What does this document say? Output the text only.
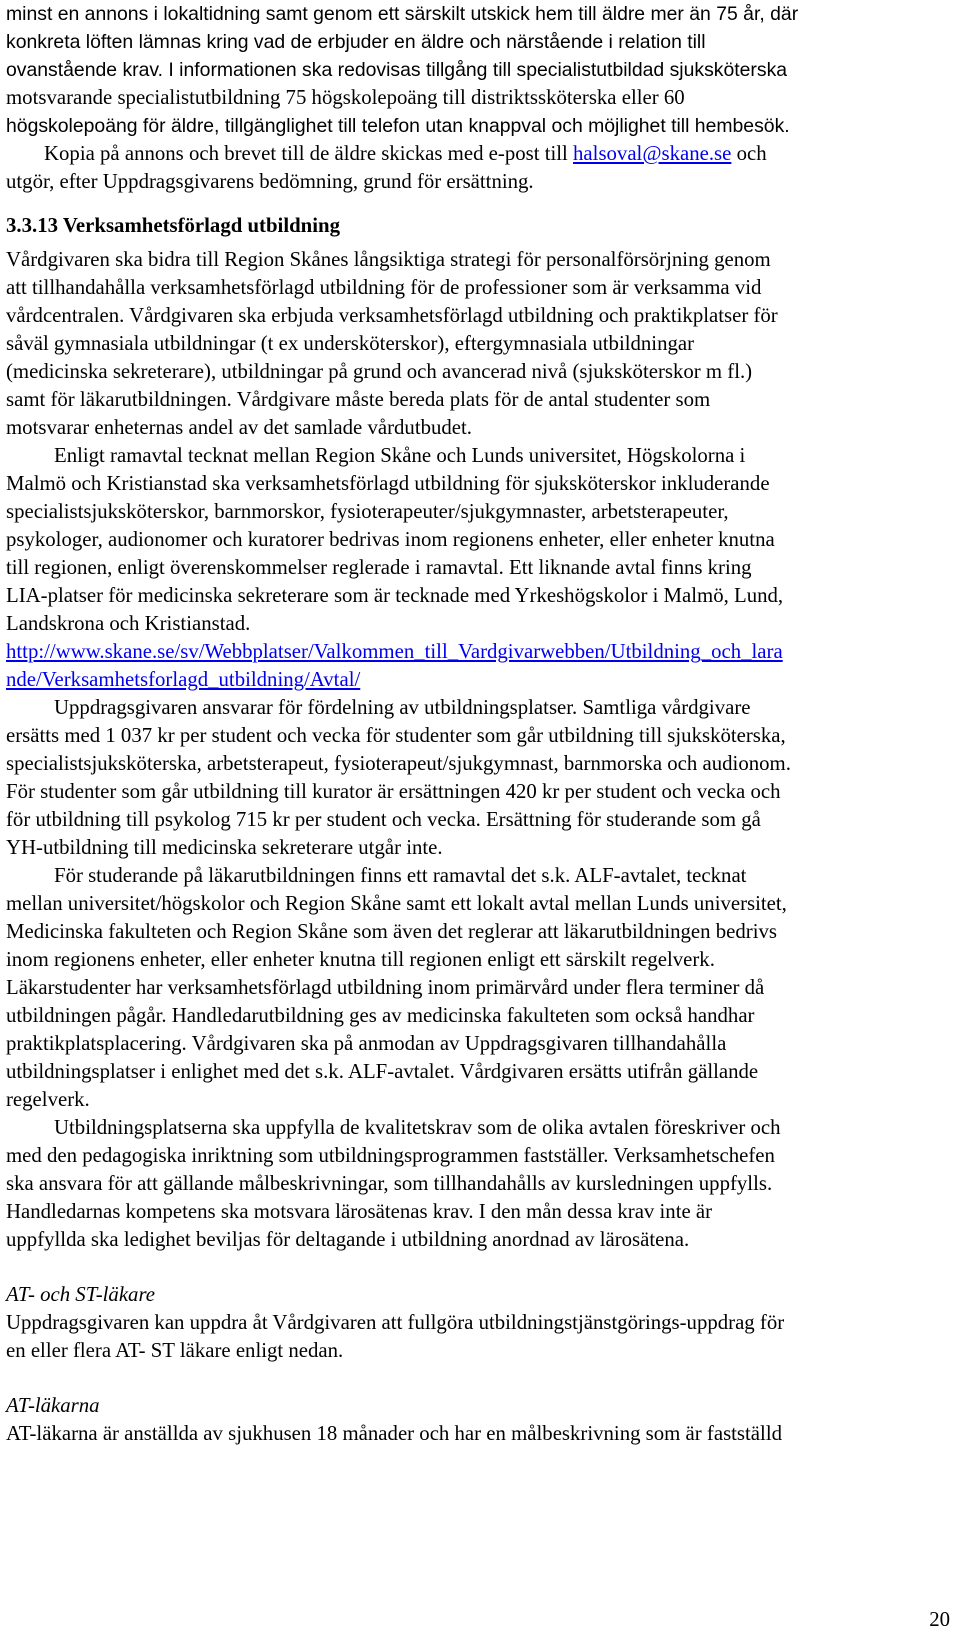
minst en annons i lokaltidning samt genom ett särskilt utskick hem till äldre mer än 75 år, där
konkreta löften lämnas kring vad de erbjuder en äldre och närstående i relation till
ovanstående krav. I informationen ska redovisas tillgång till specialistutbildad sjuksköterska
motsvarande specialistutbildning 75 högskolepoäng till distriktssköterska eller 60
högskolepoäng för äldre, tillgänglighet till telefon utan knappval och möjlighet till hembesök.
Kopia på annons och brevet till de äldre skickas med e-post till halsoval@skane.se och
utgör, efter Uppdragsgivarens bedömning, grund för ersättning.
3.3.13 Verksamhetsförlagd utbildning
Vårdgivaren ska bidra till Region Skånes långsiktiga strategi för personalförsörjning genom
att tillhandahålla verksamhetsförlagd utbildning för de professioner som är verksamma vid
vårdcentralen. Vårdgivaren ska erbjuda verksamhetsförlagd utbildning och praktikplatser för
såväl gymnasiala utbildningar (t ex undersköterskor), eftergymnasiala utbildningar
(medicinska sekreterare), utbildningar på grund och avancerad nivå (sjuksköterskor m fl.)
samt för läkarutbildningen. Vårdgivare måste bereda plats för de antal studenter som
motsvarar enheternas andel av det samlade vårdutbudet.
Enligt ramavtal tecknat mellan Region Skåne och Lunds universitet, Högskolorna i
Malmö och Kristianstad ska verksamhetsförlagd utbildning för sjuksköterskor inkluderande
specialistsjuksköterskor, barnmorskor, fysioterapeuter/sjukgymnaster, arbetsterapeuter,
psykologer, audionomer och kuratorer bedrivas inom regionens enheter, eller enheter knutna
till regionen, enligt överenskommelser reglerade i ramavtal. Ett liknande avtal finns kring
LIA-platser för medicinska sekreterare som är tecknade med Yrkeshögskolor i Malmö, Lund,
Landskrona och Kristianstad.
http://www.skane.se/sv/Webbplatser/Valkommen_till_Vardgivarwebben/Utbildning_och_lara
nde/Verksamhetsforlagd_utbildning/Avtal/
Uppdragsgivaren ansvarar för fördelning av utbildningsplatser. Samtliga vårdgivare
ersätts med 1 037 kr per student och vecka för studenter som går utbildning till sjuksköterska,
specialistsjuksköterska, arbetsterapeut, fysioterapeut/sjukgymnast, barnmorska och audionom.
För studenter som går utbildning till kurator är ersättningen 420 kr per student och vecka och
för utbildning till psykolog 715 kr per student och vecka. Ersättning för studerande som gå
YH-utbildning till medicinska sekreterare utgår inte.
För studerande på läkarutbildningen finns ett ramavtal det s.k. ALF-avtalet, tecknat
mellan universitet/högskolor och Region Skåne samt ett lokalt avtal mellan Lunds universitet,
Medicinska fakulteten och Region Skåne som även det reglerar att läkarutbildningen bedrivs
inom regionens enheter, eller enheter knutna till regionen enligt ett särskilt regelverk.
Läkarstudenter har verksamhetsförlagd utbildning inom primärvård under flera terminer då
utbildningen pågår. Handledarutbildning ges av medicinska fakulteten som också handhar
praktikplatsplacering. Vårdgivaren ska på anmodan av Uppdragsgivaren tillhandahålla
utbildningsplatser i enlighet med det s.k. ALF-avtalet. Vårdgivaren ersätts utifrån gällande
regelverk.
Utbildningsplatserna ska uppfylla de kvalitetskrav som de olika avtalen föreskriver och
med den pedagogiska inriktning som utbildningsprogrammen fastställer. Verksamhetschefen
ska ansvara för att gällande målbeskrivningar, som tillhandahålls av kursledningen uppfylls.
Handledarnas kompetens ska motsvara lärosätenas krav. I den mån dessa krav inte är
uppfyllda ska ledighet beviljas för deltagande i utbildning anordnad av lärosätena.
AT- och ST-läkare
Uppdragsgivaren kan uppdra åt Vårdgivaren att fullgöra utbildningstjänstgörings-uppdrag för
en eller flera AT- ST läkare enligt nedan.
AT-läkarna
AT-läkarna är anställda av sjukhusen 18 månader och har en målbeskrivning som är fastställd
20
